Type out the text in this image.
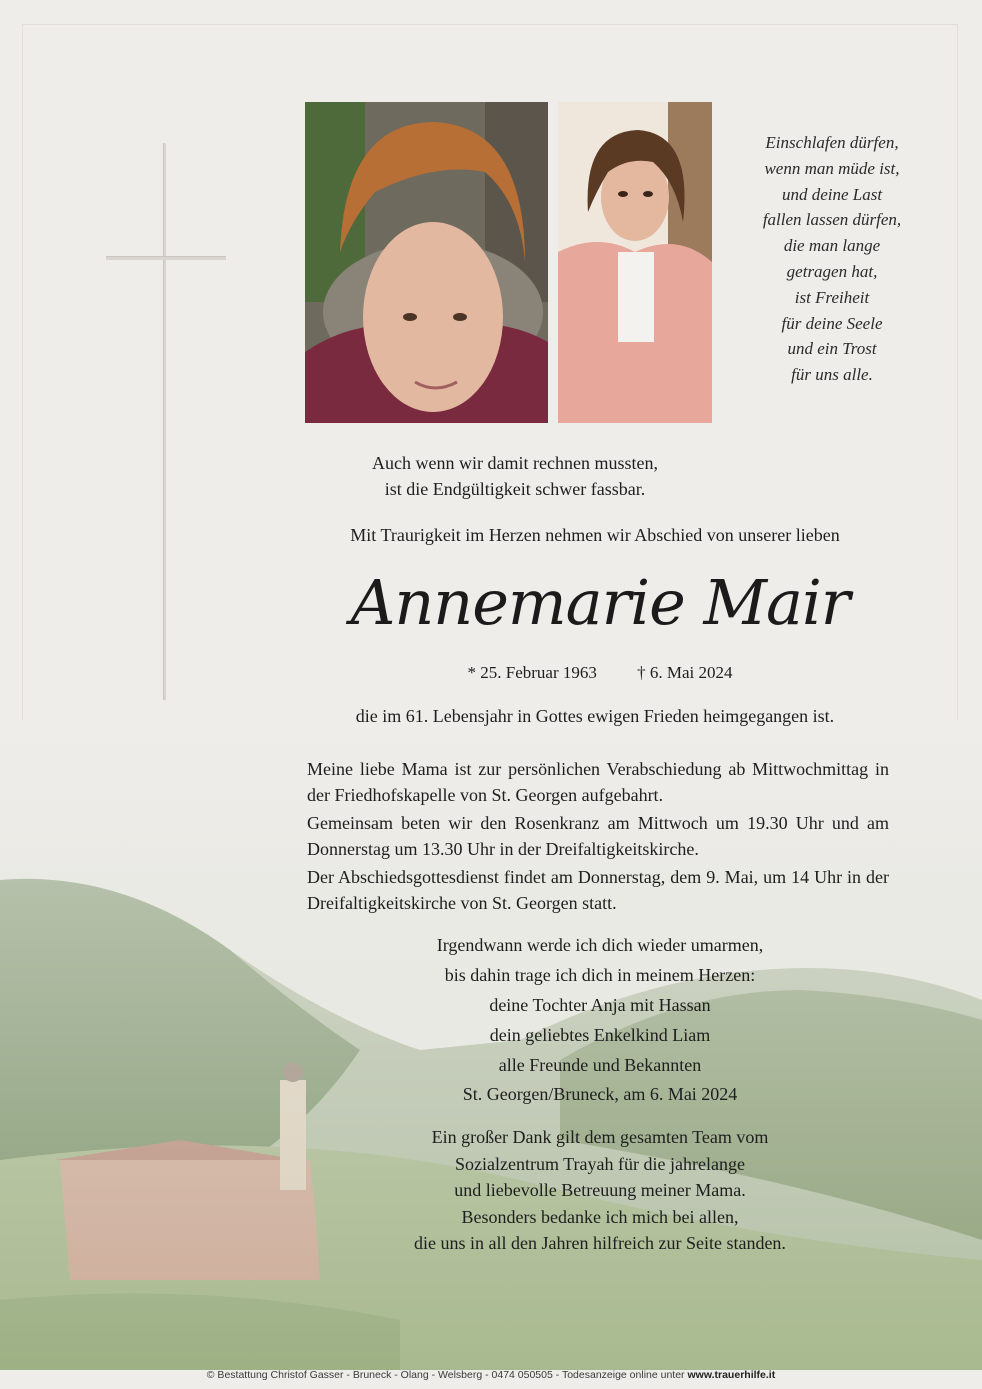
Einschlafen dürfen,
wenn man müde ist,
und deine Last
fallen lassen dürfen,
die man lange
getragen hat,
ist Freiheit
für deine Seele
und ein Trost
für uns alle.
Auch wenn wir damit rechnen mussten,
ist die Endgültigkeit schwer fassbar.
Mit Traurigkeit im Herzen nehmen wir Abschied von unserer lieben
Annemarie Mair
* 25. Februar 1963 † 6. Mai 2024
die im 61. Lebensjahr in Gottes ewigen Frieden heimgegangen ist.

Meine liebe Mama ist zur persönlichen Verabschiedung ab Mittwochmittag in der Friedhofskapelle von St. Georgen aufgebahrt.

Gemeinsam beten wir den Rosenkranz am Mittwoch um 19.30 Uhr und am Donnerstag um 13.30 Uhr in der Dreifaltigkeitskirche.

Der Abschiedsgottesdienst findet am Donnerstag, dem 9. Mai, um 14 Uhr in der Dreifaltigkeitskirche von St. Georgen statt.

Irgendwann werde ich dich wieder umarmen,
bis dahin trage ich dich in meinem Herzen:
deine Tochter Anja mit Hassan
dein geliebtes Enkelkind Liam
alle Freunde und Bekannten
St. Georgen/Bruneck, am 6. Mai 2024
Ein großer Dank gilt dem gesamten Team vom
Sozialzentrum Trayah für die jahrelange
und liebevolle Betreuung meiner Mama.
Besonders bedanke ich mich bei allen,
die uns in all den Jahren hilfreich zur Seite standen.
© Bestattung Christof Gasser - Bruneck - Olang - Welsberg - 0474 050505 - Todesanzeige online unter www.trauerhilfe.it
